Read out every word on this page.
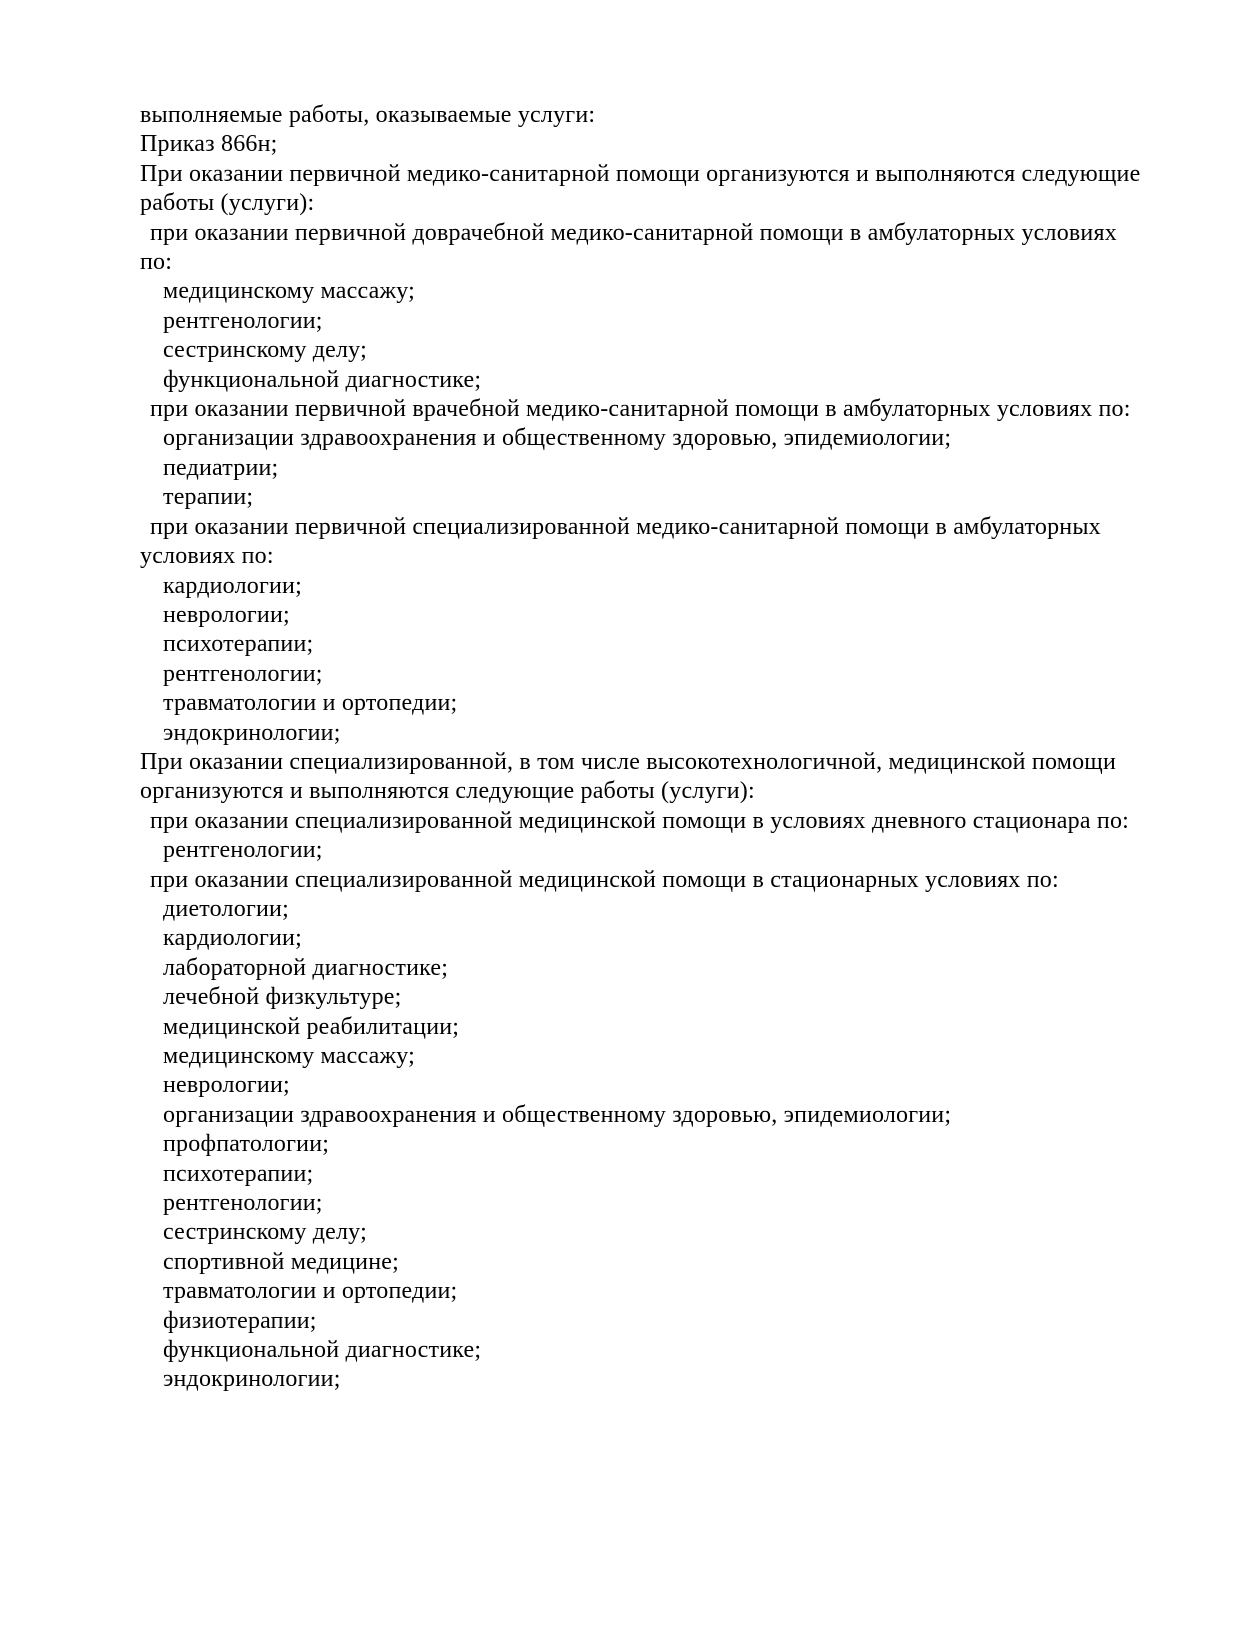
выполняемые работы, оказываемые услуги:
Приказ 866н;
При оказании первичной медико-санитарной помощи организуются и выполняются следующие
работы (услуги):
при оказании первичной доврачебной медико-санитарной помощи в амбулаторных условиях
по:
медицинскому массажу;
рентгенологии;
сестринскому делу;
функциональной диагностике;
при оказании первичной врачебной медико-санитарной помощи в амбулаторных условиях по:
организации здравоохранения и общественному здоровью, эпидемиологии;
педиатрии;
терапии;
при оказании первичной специализированной медико-санитарной помощи в амбулаторных
условиях по:
кардиологии;
неврологии;
психотерапии;
рентгенологии;
травматологии и ортопедии;
эндокринологии;
При оказании специализированной, в том числе высокотехнологичной, медицинской помощи
организуются и выполняются следующие работы (услуги):
при оказании специализированной медицинской помощи в условиях дневного стационара по:
рентгенологии;
при оказании специализированной медицинской помощи в стационарных условиях по:
диетологии;
кардиологии;
лабораторной диагностике;
лечебной физкультуре;
медицинской реабилитации;
медицинскому массажу;
неврологии;
организации здравоохранения и общественному здоровью, эпидемиологии;
профпатологии;
психотерапии;
рентгенологии;
сестринскому делу;
спортивной медицине;
травматологии и ортопедии;
физиотерапии;
функциональной диагностике;
эндокринологии;
